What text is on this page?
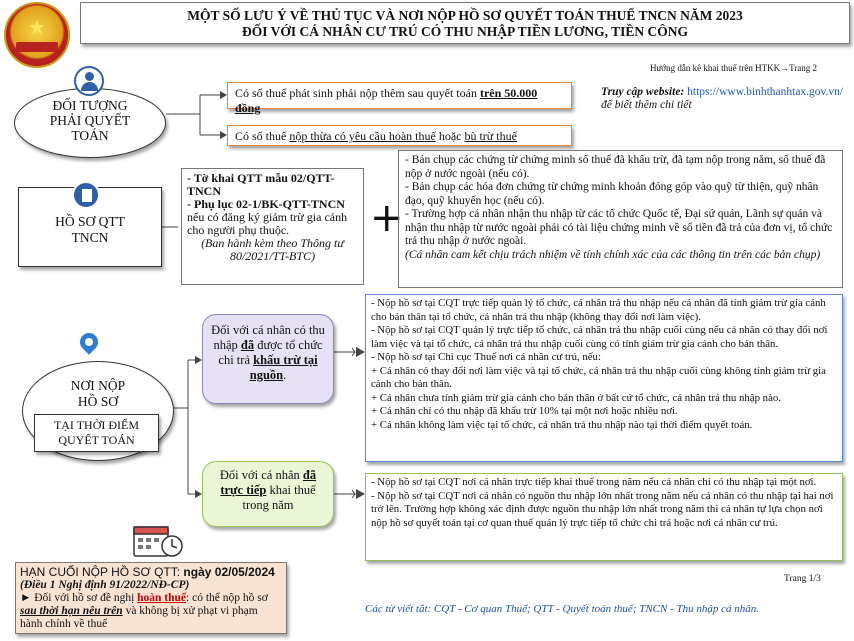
★
MỘT SỐ LƯU Ý VỀ THỦ TỤC VÀ NƠI NỘP HỒ SƠ QUYẾT TOÁN THUẾ TNCN NĂM 2023
ĐỐI VỚI CÁ NHÂN CƯ TRÚ CÓ THU NHẬP TIỀN LƯƠNG, TIỀN CÔNG
Hướng dẫn kê khai thuế trên HTKK→Trang 2
ĐỐI TƯỢNG
PHẢI QUYẾT
TOÁN
Có số thuế phát sinh phải nộp thêm sau quyết toán trên 50.000 đồng
Có số thuế nộp thừa có yêu cầu hoàn thuế hoặc bù trừ thuế
Truy cập website: https://www.binhthanhtax.gov.vn/
để biết thêm chi tiết
HỒ SƠ QTT
TNCN
- Tờ khai QTT mẫu 02/QTT-TNCN
- Phụ lục 02-1/BK-QTT-TNCN nếu có đăng ký giảm trừ gia cảnh cho người phụ thuộc.
(Ban hành kèm theo Thông tư 80/2021/TT-BTC)
+

- Bản chụp các chứng từ chứng minh số thuế đã khấu trừ, đã tạm nộp trong năm, số thuế đã nộp ở nước ngoài (nếu có).

- Bản chụp các hóa đơn chứng từ chứng minh khoản đóng góp vào quỹ từ thiện, quỹ nhân đạo, quỹ khuyến học (nếu có).

- Trường hợp cá nhân nhận thu nhập từ các tổ chức Quốc tế, Đại sứ quán, Lãnh sự quán và nhận thu nhập từ nước ngoài phải có tài liệu chứng minh về số tiền đã trả của đơn vị, tổ chức trả thu nhập ở nước ngoài.

(Cá nhân cam kết chịu trách nhiệm về tính chính xác của các thông tin trên các bản chụp)

NƠI NỘP
HỒ SƠ
TẠI THỜI ĐIỂM
QUYẾT TOÁN
Đối với cá nhân có thu nhập đã được tổ chức chi trả khấu trừ tại nguồn.
Đối với cá nhân đã trực tiếp khai thuế trong năm

- Nộp hồ sơ tại CQT trực tiếp quản lý tổ chức, cá nhân trả thu nhập nếu cá nhân đã tính giảm trừ gia cảnh cho bản thân tại tổ chức, cá nhân trả thu nhập (không thay đổi nơi làm việc).

- Nộp hồ sơ tại CQT quản lý trực tiếp tổ chức, cá nhân trả thu nhập cuối cùng nếu cá nhân có thay đổi nơi làm việc và tại tổ chức, cá nhân trả thu nhập cuối cùng có tính giảm trừ gia cảnh cho bản thân.

- Nộp hồ sơ tại Chi cục Thuế nơi cá nhân cư trú, nếu:

+ Cá nhân có thay đổi nơi làm việc và tại tổ chức, cá nhân trả thu nhập cuối cùng không tính giảm trừ gia cảnh cho bản thân.

+ Cá nhân chưa tính giảm trừ gia cảnh cho bản thân ở bất cứ tổ chức, cá nhân trả thu nhập nào.

+ Cá nhân chỉ có thu nhập đã khấu trừ 10% tại một nơi hoặc nhiều nơi.

+ Cá nhân không làm việc tại tổ chức, cá nhân trả thu nhập nào tại thời điểm quyết toán.

- Nộp hồ sơ tại CQT nơi cá nhân trực tiếp khai thuế trong năm nếu cá nhân chỉ có thu nhập tại một nơi.

- Nộp hồ sơ tại CQT nơi cá nhân có nguồn thu nhập lớn nhất trong năm nếu cá nhân có thu nhập tại hai nơi trở lên. Trường hợp không xác định được nguồn thu nhập lớn nhất trong năm thì cá nhân tự lựa chọn nơi nộp hồ sơ quyết toán tại cơ quan thuế quản lý trực tiếp tổ chức chi trả hoặc nơi cá nhân cư trú.

HẠN CUỐI NỘP HỒ SƠ QTT: ngày 02/05/2024
(Điều 1 Nghị định 91/2022/NĐ-CP)
► Đối với hồ sơ đề nghị hoàn thuế: có thể nộp hồ sơ sau thời hạn nêu trên và không bị xử phạt vi phạm hành chính về thuế
Trang 1/3
Các từ viết tắt: CQT - Cơ quan Thuế; QTT - Quyết toán thuế; TNCN - Thu nhập cá nhân.
